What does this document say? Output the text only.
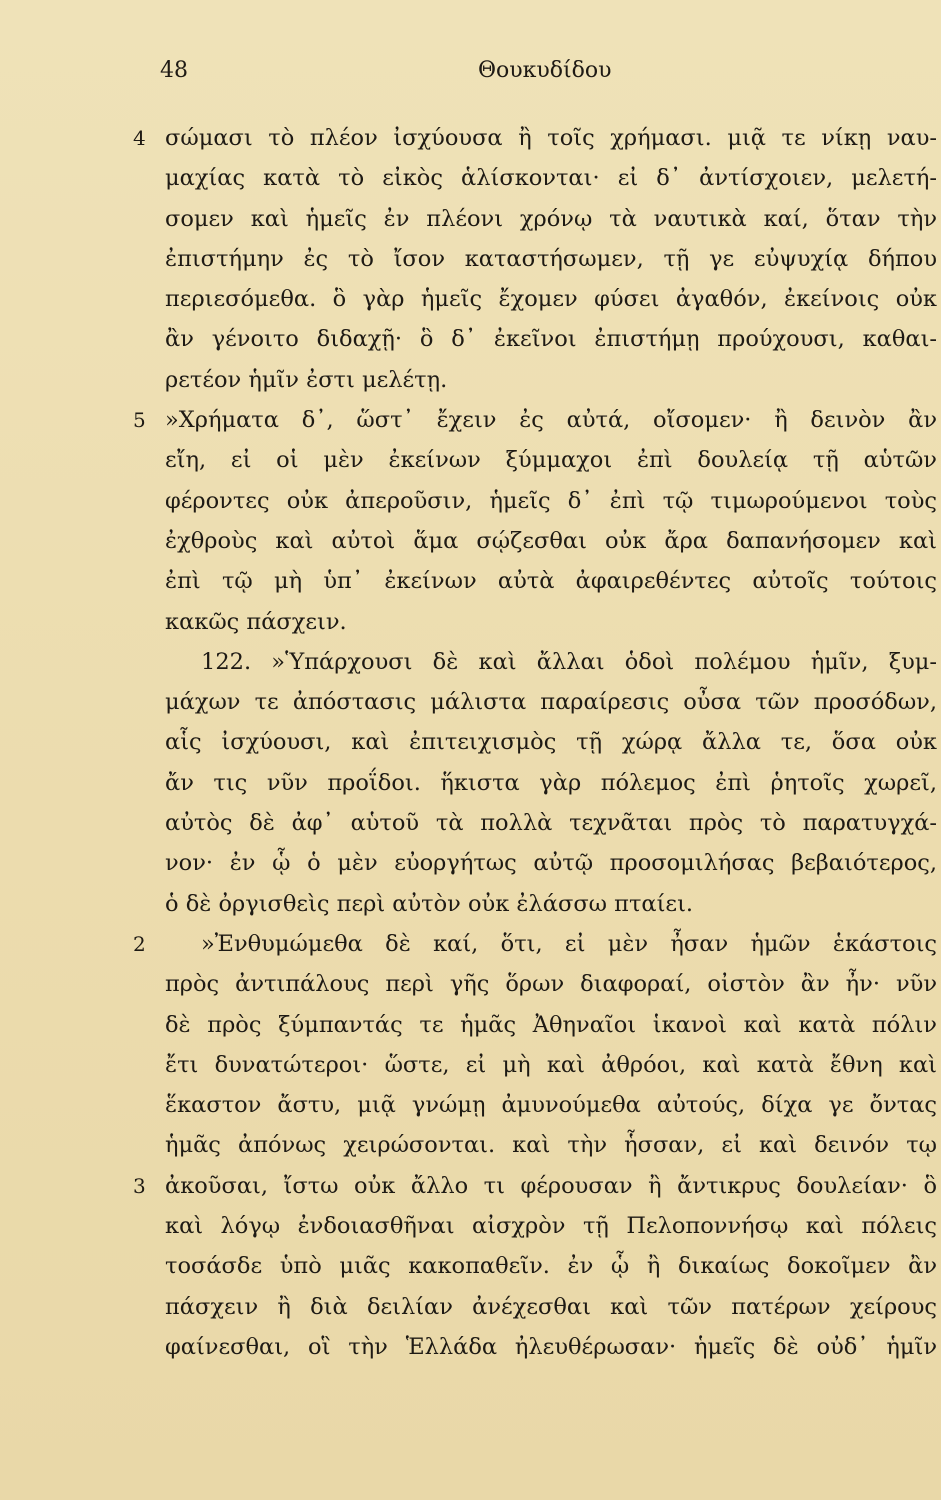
48	Θουκυδίδου
4 σώμασι τὸ πλέον ἰσχύουσα ἢ τοῖς χρήμασι. μιᾷ τε νίκῃ ναυ-
μαχίας κατὰ τὸ εἰκὸς ἁλίσκονται· εἰ δ᾽ ἀντίσχοιεν, μελετή-
σομεν καὶ ἡμεῖς ἐν πλέονι χρόνῳ τὰ ναυτικὰ καί, ὅταν τὴν
ἐπιστήμην ἐς τὸ ἴσον καταστήσωμεν, τῇ γε εὐψυχίᾳ δήπου
περιεσόμεθα. ὃ γὰρ ἡμεῖς ἔχομεν φύσει ἀγαθόν, ἐκείνοις οὐκ
ἂν γένοιτο διδαχῇ· ὃ δ᾽ ἐκεῖνοι ἐπιστήμῃ προύχουσι, καθαι-
ρετέον ἡμῖν ἐστι μελέτῃ.
5 »Χρήματα δ᾽, ὥστ᾽ ἔχειν ἐς αὐτά, οἴσομεν· ἢ δεινὸν ἂν
εἴη, εἰ οἱ μὲν ἐκείνων ξύμμαχοι ἐπὶ δουλείᾳ τῇ αὑτῶν
φέροντες οὐκ ἀπεροῦσιν, ἡμεῖς δ᾽ ἐπὶ τῷ τιμωρούμενοι τοὺς
ἐχθροὺς καὶ αὐτοὶ ἅμα σῴζεσθαι οὐκ ἄρα δαπανήσομεν καὶ
ἐπὶ τῷ μὴ ὑπ᾽ ἐκείνων αὐτὰ ἀφαιρεθέντες αὐτοῖς τούτοις
κακῶς πάσχειν.
122. »Ὑπάρχουσι δὲ καὶ ἄλλαι ὁδοὶ πολέμου ἡμῖν, ξυμ-
μάχων τε ἀπόστασις μάλιστα παραίρεσις οὖσα τῶν προσόδων,
αἷς ἰσχύουσι, καὶ ἐπιτειχισμὸς τῇ χώρᾳ ἄλλα τε, ὅσα οὐκ
ἄν τις νῦν προΐδοι. ἥκιστα γὰρ πόλεμος ἐπὶ ῥητοῖς χωρεῖ,
αὐτὸς δὲ ἀφ᾽ αὑτοῦ τὰ πολλὰ τεχνᾶται πρὸς τὸ παρατυγχά-
νον· ἐν ᾧ ὁ μὲν εὐοργήτως αὐτῷ προσομιλήσας βεβαιότερος,
ὁ δὲ ὀργισθεὶς περὶ αὐτὸν οὐκ ἐλάσσω πταίει.
2 »Ἐνθυμώμεθα δὲ καί, ὅτι, εἰ μὲν ἦσαν ἡμῶν ἑκάστοις
πρὸς ἀντιπάλους περὶ γῆς ὅρων διαφοραί, οἰστὸν ἂν ἦν· νῦν
δὲ πρὸς ξύμπαντάς τε ἡμᾶς Ἀθηναῖοι ἱκανοὶ καὶ κατὰ πόλιν
ἔτι δυνατώτεροι· ὥστε, εἰ μὴ καὶ ἀθρόοι, καὶ κατὰ ἔθνη καὶ
ἕκαστον ἄστυ, μιᾷ γνώμῃ ἀμυνούμεθα αὐτούς, δίχα γε ὄντας
ἡμᾶς ἀπόνως χειρώσονται. καὶ τὴν ἧσσαν, εἰ καὶ δεινόν τῳ
3 ἀκοῦσαι, ἴστω οὐκ ἄλλο τι φέρουσαν ἢ ἄντικρυς δουλείαν· ὃ
καὶ λόγῳ ἐνδοιασθῆναι αἰσχρὸν τῇ Πελοποννήσῳ καὶ πόλεις
τοσάσδε ὑπὸ μιᾶς κακοπαθεῖν. ἐν ᾧ ἢ δικαίως δοκοῖμεν ἂν
πάσχειν ἢ διὰ δειλίαν ἀνέχεσθαι καὶ τῶν πατέρων χείρους
φαίνεσθαι, οἳ τὴν Ἑλλάδα ἠλευθέρωσαν· ἡμεῖς δὲ οὐδ᾽ ἡμῖν
